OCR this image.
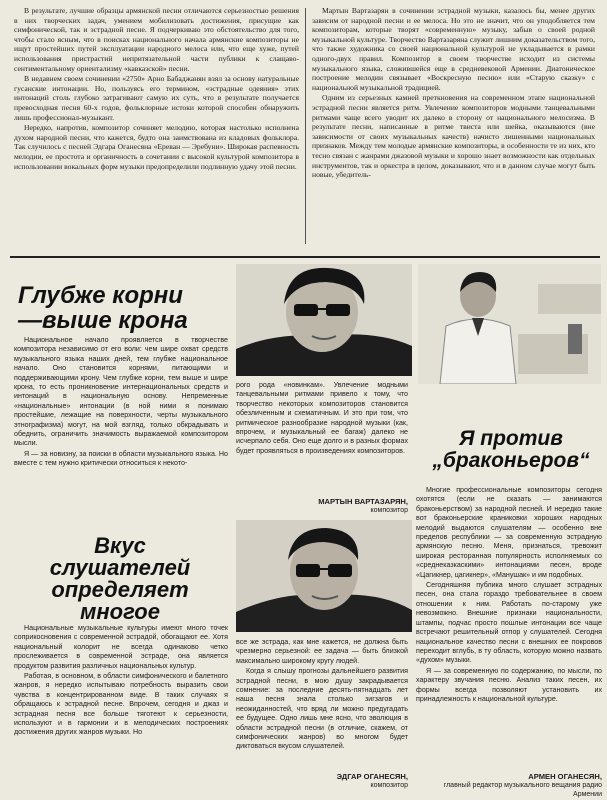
В результате, лучшие образцы армянской песни отличаются серьезностью решения в них творческих задач, умением мобилизовать достижения, присущие как симфонической, так и эстрадной песне. Я подчеркиваю это обстоятельство для того, чтобы стало ясным, что в поисках национального начала армянские композиторы не ищут простейших путей эксплуатации народного мелоса или, что еще хуже, путей использования пристрастий непритязательной части публики к слащаво-сентиментальному ориентализму «кавказской» песни.

В недавнем своем сочинении «2750» Арно Бабаджанян взял за основу натуральные гусанские интонации. Но, пользуясь его термином, «эстрадные одеяния» этих интонаций столь глубоко затрагивают самую их суть, что в результате получается превосходная песня 60-х годов, фольклорные истоки которой способен обнаружить лишь профессионал-музыкант.

Нередко, напротив, композитор сочиняет мелодию, которая настолько исполнена духом народной песни, что кажется, будто она заимствована из кладовых фольклора. Так случилось с песней Эдгара Оганесяна «Ереван — Эребуни». Широкая распевность мелодии, ее простота и органичность в сочетании с высокой культурой композитора в использовании вокальных форм музыки предопределили подлинную удачу этой песни.

Мартын Вартазарян в сочинении эстрадной музыки, казалось бы, менее других зависим от народной песни и ее мелоса. Но это не значит, что он уподобляется тем композиторам, которые творят «современную» музыку, забыв о своей родной музыкальной культуре. Творчество Вартазаряна служит лишним доказательством того, что также художника со своей национальной культурой не укладывается в рамки одного-двух правил. Композитор в своем творчестве исходит из системы музыкального языка, сложившейся еще в средневековой Армении. Диатоническое построение мелодии связывает «Воскресную песню» или «Старую сказку» с национальной музыкальной традицией.

Одним из серьезных камней преткновения на современном этапе национальной эстрадной песни является ритм. Увлечение композиторов модными танцевальными ритмами чаще всего уводит их далеко в сторону от национального мелосизма. В результате песни, написанные в ритме твиста или шейка, оказываются (вне зависимости от своих музыкальных качеств) начисто лишенными национальных признаков. Между тем молодые армянские композиторы, в особенности те из них, кто тесно связан с жанрами джазовой музыки и хорошо знает возможности как отдельных инструментов, так и оркестра в целом, доказывают, что и в данном случае могут быть новые, убедитель-

Глубже корни
—выше крона

Национальное начало проявляется в творчестве композитора независимо от его воли: чем шире охват средств музыкального языка наших дней, тем глубже национальное начало. Оно становится корнями, питающими и поддерживающими крону. Чем глубже корни, тем выше и шире крона, то есть проникновение интернациональных средств и интонаций в национальную основу. Непременные «национальные» интонации (в ной ними я понимаю простейшие, лежащие на поверхности, черты музыкального этнографизма) могут, на мой взгляд, только обкрадывать и обеднить, ограничить значимость выражаемой композитором мысли.

Я — за новизну, за поиски в области музыкального языка. Но вместе с тем нужно критически относиться к некото-

рого рода «новинкам». Увлечение модными танцевальными ритмами привело к тому, что творчество некоторых композиторов становится обезличенным и схематичным. И это при том, что ритмическое разнообразие народной музыки (как, впрочем, и музыкальный ее багаж) далеко не исчерпало себя. Оно еще долго и в разных формах будет проявляться в произведениях композиторов.

МАРТЫН ВАРТАЗАРЯН,
композитор
Я против
„браконьеров“

Многие профессиональные композиторы сегодня охотятся (если не сказать — занимаются браконьерством) за народной песней. И нередко такие вот браконьерские краниковки хороших народных мелодий выдаются слушателям — особенно вне пределов республики — за современную эстрадную армянскую песню. Меня, признаться, тревожит широкая ресторанная популярность исполняемых со «среднеказкаскими» интонациями песен, вроде «Цагикнер, цагикнер», «Манушак» и им подобных.

Сегодняшняя публика много слушает эстрадных песен, она стала гораздо требовательнее в своем отношении к ним. Работать по-старому уже невозможно. Внешние признаки национальности, штампы, подчас просто пошлые интонации все чаще встречают решительный отпор у слушателей. Сегодня национальное качество песни с внешних ее покровов переходит вглубь, в ту область, которую можно назвать «духом» музыки.

Я — за современную по содержанию, по мысли, по характеру звучания песню. Анализ таких песен, их формы всегда позволяют установить их принадлежность к национальной культуре.

АРМЕН ОГАНЕСЯН,
главный редактор музыкального вещания радио Армении
Вкус
слушателей
определяет
многое

Национальные музыкальные культуры имеют много точек соприкосновения с современной эстрадой, обогащают ее. Хотя национальный колорит не всегда одинаково четко прослеживается в современной эстраде, она является продуктом развития различных национальных культур.

Работая, в основном, в области симфонического и балетного жанров, я нередко испытываю потребность выразить свои чувства в концентрированном виде. В таких случаях я обращаюсь к эстрадной песне. Впрочем, сегодня и джаз и эстрадная песня все больше тяготеют к серьезности, используют и в гармонии и в мелодических построениях достижения других жанров музыки. Но

все же эстрада, как мне кажется, не должна быть чрезмерно серьезной: ее задача — быть близкой максимально широкому кругу людей.

Когда я слышу прогнозы дальнейшего развития эстрадной песни, в мою душу закрадывается сомнение: за последние десять-пятнадцать лет наша песня знала столько зигзагов и неожиданностей, что вряд ли можно предугадать ее будущее. Одно лишь мне ясно, что эволюция в области эстрадной песни (в отличие, скажем, от симфонических жанров) во многом будет диктоваться вкусом слушателей.

ЭДГАР ОГАНЕСЯН,
композитор
